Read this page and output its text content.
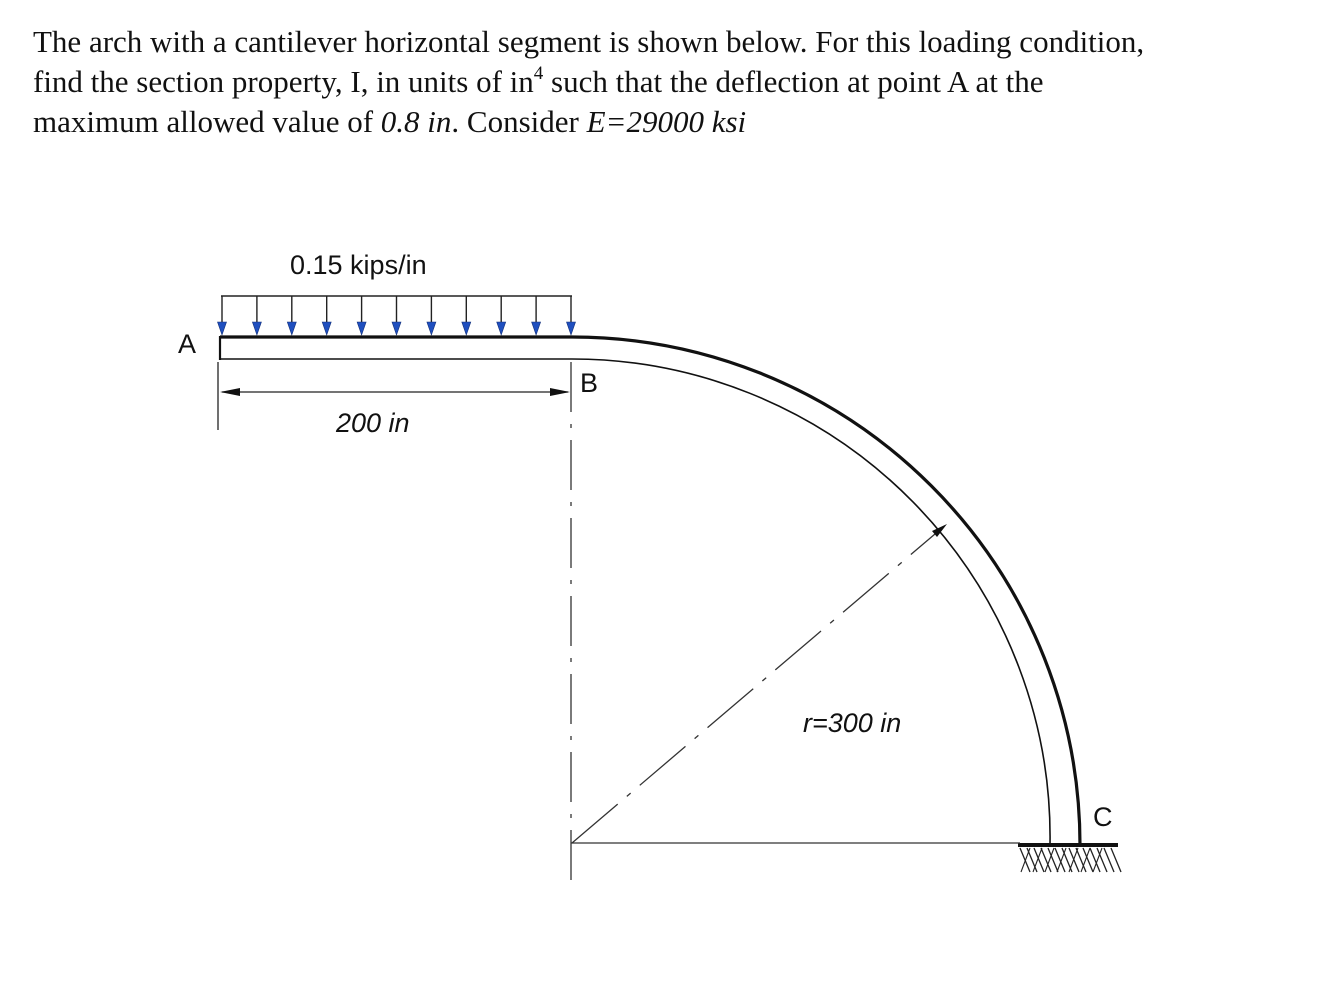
The arch with a cantilever horizontal segment is shown below. For this loading condition,
find the section property, I, in units of $in^4$ such that the deflection at point A at the
maximum allowed value of 0.8 in. Consider E=29000 ksi

0.15 kips/in
A
B
C
200 in
r=300 in
